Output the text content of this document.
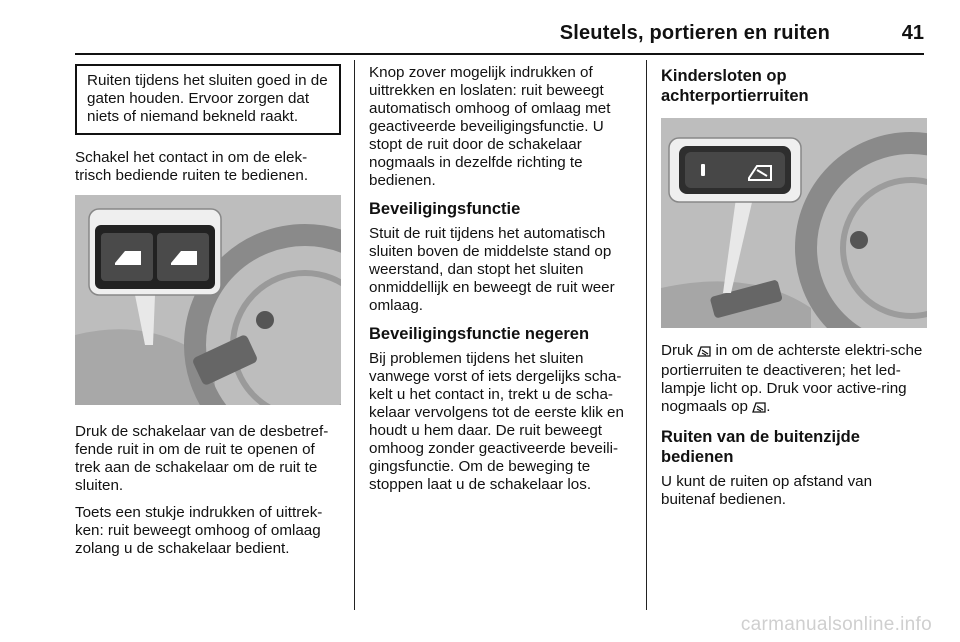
Sleutels, portieren en ruiten	41
Ruiten tijdens het sluiten goed in de gaten houden. Ervoor zorgen dat niets of niemand bekneld raakt.

Schakel het contact in om de elek-trisch bediende ruiten te bedienen.

Druk de schakelaar van de desbetref-fende ruit in om de ruit te openen of trek aan de schakelaar om de ruit te sluiten.

Toets een stukje indrukken of uittrek-ken: ruit beweegt omhoog of omlaag zolang u de schakelaar bedient.

Knop zover mogelijk indrukken of uittrekken en loslaten: ruit beweegt automatisch omhoog of omlaag met geactiveerde beveiligingsfunctie. U stopt de ruit door de schakelaar nogmaals in dezelfde richting te bedienen.

Beveiligingsfunctie

Stuit de ruit tijdens het automatisch sluiten boven de middelste stand op weerstand, dan stopt het sluiten onmiddellijk en beweegt de ruit weer omlaag.

Beveiligingsfunctie negeren

Bij problemen tijdens het sluiten vanwege vorst of iets dergelijks scha-kelt u het contact in, trekt u de scha-kelaar vervolgens tot de eerste klik en houdt u hem daar. De ruit beweegt omhoog zonder geactiveerde beveili-gingsfunctie. Om de beweging te stoppen laat u de schakelaar los.

Kindersloten op achterportierruiten

Druk in om de achterste elektri-sche portierruiten te deactiveren; het led-lampje licht op. Druk voor active-ring nogmaals op .

Ruiten van de buitenzijde bedienen

U kunt de ruiten op afstand van buitenaf bedienen.

carmanualsonline.info
